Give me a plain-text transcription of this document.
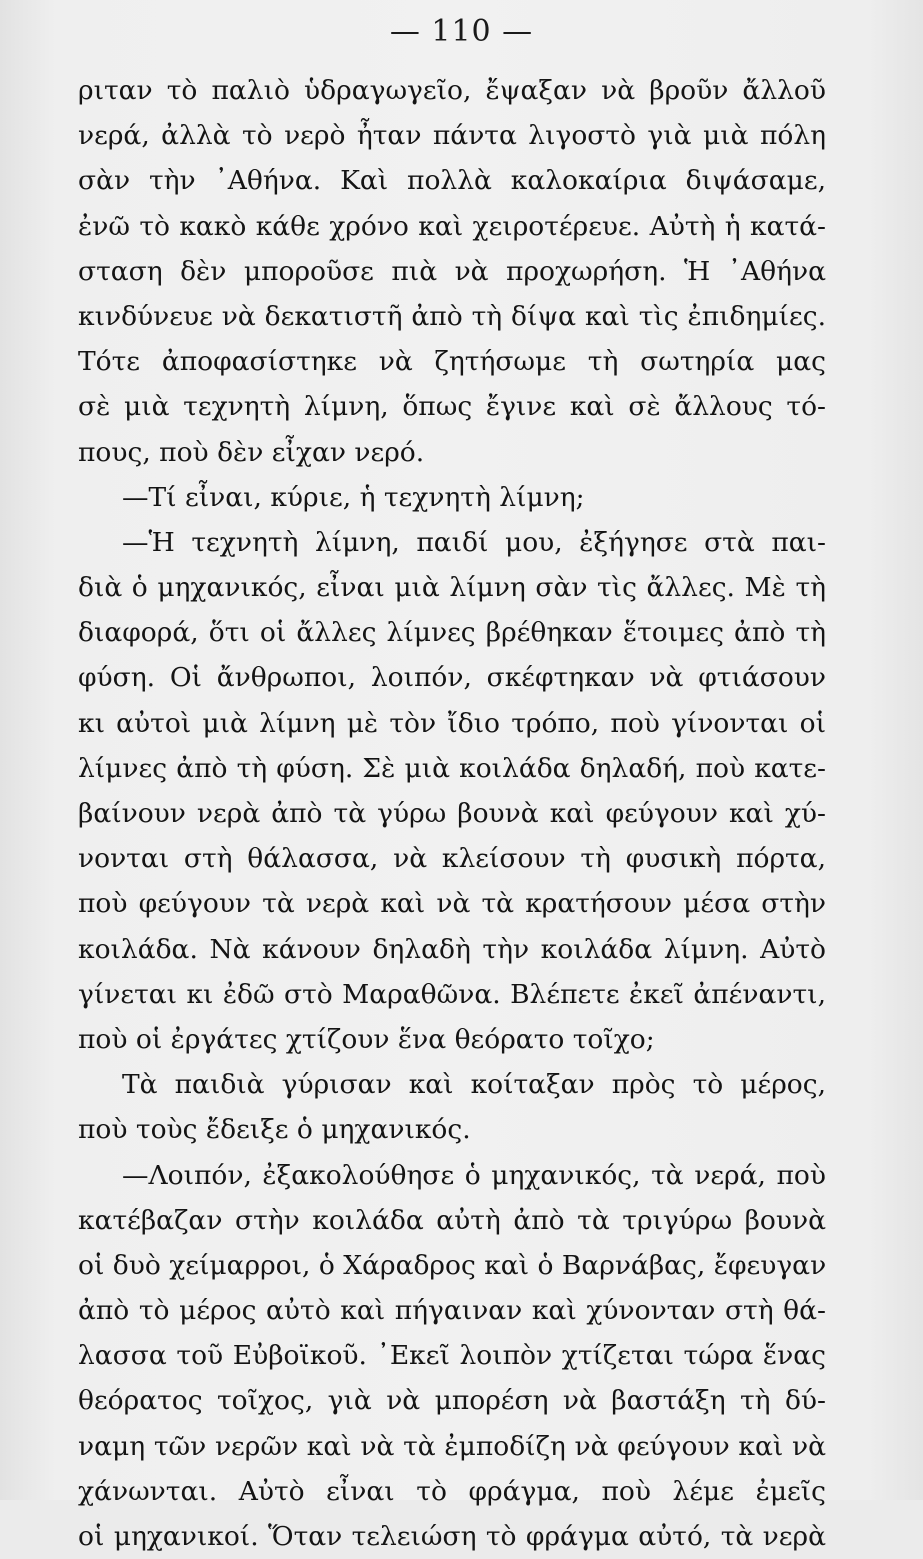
— 110 —
ριταν τὸ παλιὸ ὑδραγωγεῖο, ἔψαξαν νὰ βροῦν ἄλλοῦ
νερά, ἀλλὰ τὸ νερὸ ἦταν πάντα λιγοστὸ γιὰ μιὰ πόλη
σὰν τὴν ᾿Αθήνα. Καὶ πολλὰ καλοκαίρια διψάσαμε,
ἐνῶ τὸ κακὸ κάθε χρόνο καὶ χειροτέρευε. Αὐτὴ ἡ κατά-
σταση δὲν μποροῦσε πιὰ νὰ προχωρήση. Ἡ ᾿Αθήνα
κινδύνευε νὰ δεκατιστῆ ἀπὸ τὴ δίψα καὶ τὶς ἐπιδημίες.
Τότε ἀποφασίστηκε νὰ ζητήσωμε τὴ σωτηρία μας
σὲ μιὰ τεχνητὴ λίμνη, ὅπως ἔγινε καὶ σὲ ἄλλους τό-
πους, ποὺ δὲν εἶχαν νερό.
—Τί εἶναι, κύριε, ἡ τεχνητὴ λίμνη;
—Ἡ τεχνητὴ λίμνη, παιδί μου, ἐξήγησε στὰ παι-
διὰ ὁ μηχανικός, εἶναι μιὰ λίμνη σὰν τὶς ἄλλες. Μὲ τὴ
διαφορά, ὅτι οἱ ἄλλες λίμνες βρέθηκαν ἕτοιμες ἀπὸ τὴ
φύση. Οἱ ἄνθρωποι, λοιπόν, σκέφτηκαν νὰ φτιάσουν
κι αὐτοὶ μιὰ λίμνη μὲ τὸν ἴδιο τρόπο, ποὺ γίνονται οἱ
λίμνες ἀπὸ τὴ φύση. Σὲ μιὰ κοιλάδα δηλαδή, ποὺ κατε-
βαίνουν νερὰ ἀπὸ τὰ γύρω βουνὰ καὶ φεύγουν καὶ χύ-
νονται στὴ θάλασσα, νὰ κλείσουν τὴ φυσικὴ πόρτα,
ποὺ φεύγουν τὰ νερὰ καὶ νὰ τὰ κρατήσουν μέσα στὴν
κοιλάδα. Νὰ κάνουν δηλαδὴ τὴν κοιλάδα λίμνη. Αὐτὸ
γίνεται κι ἐδῶ στὸ Μαραθῶνα. Βλέπετε ἐκεῖ ἀπέναντι,
ποὺ οἱ ἐργάτες χτίζουν ἕνα θεόρατο τοῖχο;
Τὰ παιδιὰ γύρισαν καὶ κοίταξαν πρὸς τὸ μέρος,
ποὺ τοὺς ἔδειξε ὁ μηχανικός.
—Λοιπόν, ἐξακολούθησε ὁ μηχανικός, τὰ νερά, ποὺ
κατέβαζαν στὴν κοιλάδα αὐτὴ ἀπὸ τὰ τριγύρω βουνὰ
οἱ δυὸ χείμαρροι, ὁ Χάραδρος καὶ ὁ Βαρνάβας, ἔφευγαν
ἀπὸ τὸ μέρος αὐτὸ καὶ πήγαιναν καὶ χύνονταν στὴ θά-
λασσα τοῦ Εὐβοϊκοῦ. ᾿Εκεῖ λοιπὸν χτίζεται τώρα ἕνας
θεόρατος τοῖχος, γιὰ νὰ μπορέση νὰ βαστάξη τὴ δύ-
ναμη τῶν νερῶν καὶ νὰ τὰ ἐμποδίζη νὰ φεύγουν καὶ νὰ
χάνωνται. Αὐτὸ εἶναι τὸ φράγμα, ποὺ λέμε ἐμεῖς
οἱ μηχανικοί. Ὅταν τελειώση τὸ φράγμα αὐτό, τὰ νερὰ
